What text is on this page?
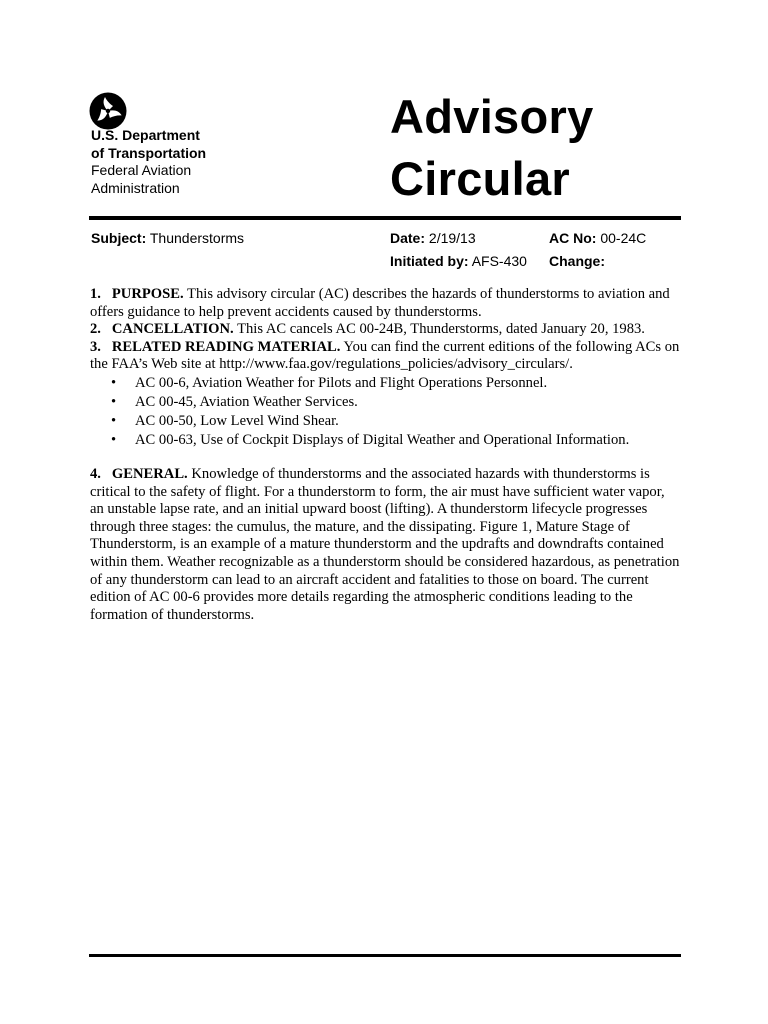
U.S. Department
of Transportation
Federal Aviation
Administration
Advisory
Circular
Subject: Thunderstorms	Date: 2/19/13	AC No: 00-24C
Initiated by: AFS-430 Change:

1.   PURPOSE. This advisory circular (AC) describes the hazards of thunderstorms to aviation and offers guidance to help prevent accidents caused by thunderstorms.

2.   CANCELLATION. This AC cancels AC 00-24B, Thunderstorms, dated January 20, 1983.

3.   RELATED READING MATERIAL. You can find the current editions of the following ACs on the FAA’s Web site at http://www.faa.gov/regulations_policies/advisory_circulars/.

• AC 00-6, Aviation Weather for Pilots and Flight Operations Personnel.
• AC 00-45, Aviation Weather Services.
• AC 00-50, Low Level Wind Shear.
• AC 00-63, Use of Cockpit Displays of Digital Weather and Operational Information.

4.   GENERAL. Knowledge of thunderstorms and the associated hazards with thunderstorms is critical to the safety of flight. For a thunderstorm to form, the air must have sufficient water vapor, an unstable lapse rate, and an initial upward boost (lifting). A thunderstorm lifecycle progresses through three stages: the cumulus, the mature, and the dissipating. Figure 1, Mature Stage of Thunderstorm, is an example of a mature thunderstorm and the updrafts and downdrafts contained within them. Weather recognizable as a thunderstorm should be considered hazardous, as penetration of any thunderstorm can lead to an aircraft accident and fatalities to those on board. The current edition of AC 00-6 provides more details regarding the atmospheric conditions leading to the formation of thunderstorms.
